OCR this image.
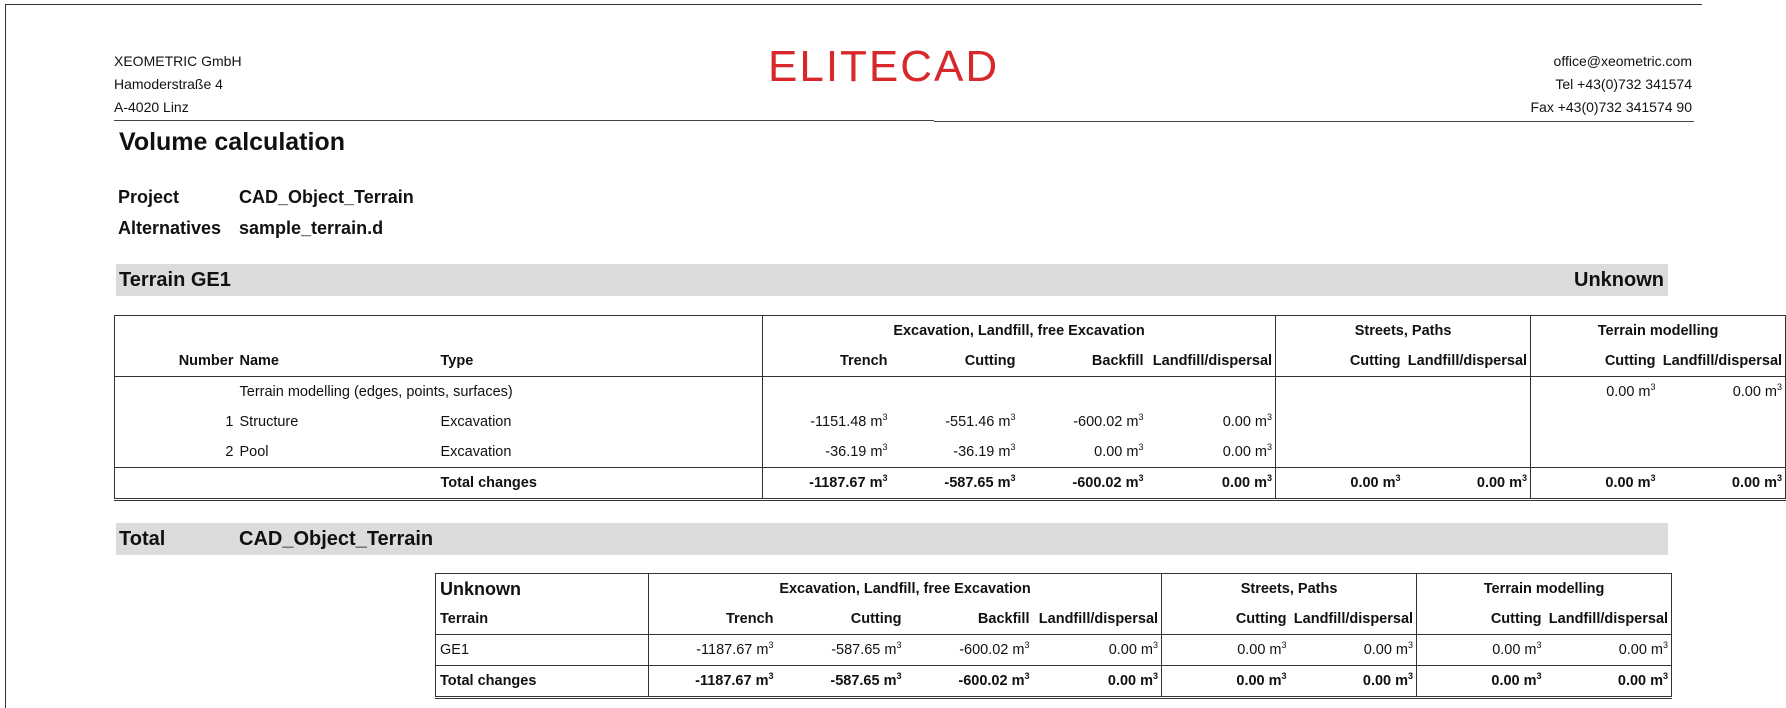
XEOMETRIC GmbH
Hamoderstraße 4
A-4020 Linz
ELITECAD	office@xeometric.com
Tel +43(0)732 341574
Fax +43(0)732 341574 90
Volume calculation
Project	CAD_Object_Terrain
Alternatives sample_terrain.d
Terrain GE1	Unknown
			Excavation, Landfill, free Excavation				Streets, Paths		Terrain modelling	
Number	Name	Type	Trench	Cutting	Backfill	Landfill/dispersal	Cutting	Landfill/dispersal	Cutting	Landfill/dispersal
	Terrain modelling (edges, points, surfaces)								0.00 $m^3$	0.00 $m^3$
1	Structure	Excavation	-1151.48 $m^3$	-551.46 $m^3$	-600.02 $m^3$	0.00 $m^3$				
2	Pool	Excavation	-36.19 $m^3$	-36.19 $m^3$	0.00 $m^3$	0.00 $m^3$				
		Total changes	-1187.67 $m^3$	-587.65 $m^3$	-600.02 $m^3$	0.00 $m^3$	0.00 $m^3$	0.00 $m^3$	0.00 $m^3$	0.00 $m^3$
Total	CAD_Object_Terrain
Unknown	Excavation, Landfill, free Excavation				Streets, Paths		Terrain modelling	
Terrain	Trench	Cutting	Backfill	Landfill/dispersal	Cutting	Landfill/dispersal	Cutting	Landfill/dispersal
GE1	-1187.67 $m^3$	-587.65 $m^3$	-600.02 $m^3$	0.00 $m^3$	0.00 $m^3$	0.00 $m^3$	0.00 $m^3$	0.00 $m^3$
Total changes	-1187.67 $m^3$	-587.65 $m^3$	-600.02 $m^3$	0.00 $m^3$	0.00 $m^3$	0.00 $m^3$	0.00 $m^3$	0.00 $m^3$
